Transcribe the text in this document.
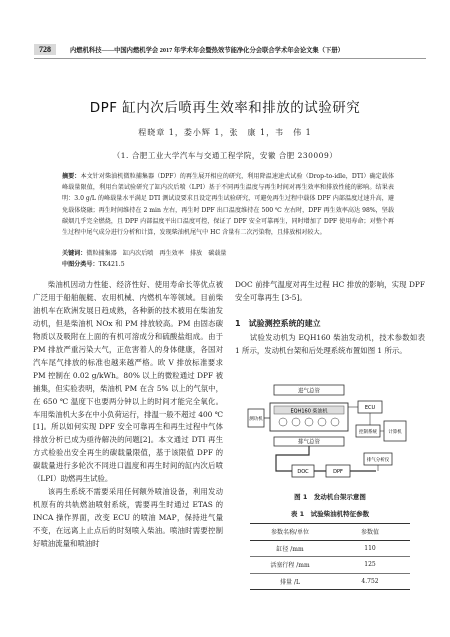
728	内燃机科技——中国内燃机学会 2017 年学术年会暨热效节能净化分会联合学术年会论文集（下册）
DPF 缸内次后喷再生效率和排放的试验研究
程晓章 1，娄小辉 1，张　康 1，韦　伟 1
（1. 合肥工业大学汽车与交通工程学院，安徽 合肥 230009）
摘要：本文针对柴油机微粒捕集器（DPF）的再生展开相应的研究，利用降温速速式试验（Drop-to-idle，DTI）确定载体峰载量限值，利用台架试验研究了缸内次后喷（LPI）基于不同再生温度与再生时间对再生效率和排放性能的影响。结果表明：3.0 g/L 的峰载量水平满足 DTI 测试设要求且设定再生试验研究，可避免再生过程中载体 DPF 内部温度过速升高，避免载体烧融；再生时间维持在 2 min 左右，再生时 DPF 出口温度维持在 500 ℃ 左右时，DPF 再生效率高达 98%，坚载碳烟几乎完全燃烧，且 DPF 内部温度平出口温度可控，保证了 DPF 安全可靠再生，同时增加了 DPF 使用寿命；对整个再生过程中尾气成分进行分析和计算，发现柴油机尾气中 HC 含量有二次污染物，且排放相对较大。
关键词：微粒捕集器　缸内次后喷　再生效率　排放　碳载量
中图分类号：TK421.5

柴油机因动力性能、经济性好、使用寿命长等优点被广泛用于船舶舰艇、农用机械、内燃机车等领域。目前柴油机车在欧洲发展日趋成熟，各种新的技术被用在柴油发动机，但是柴油机 NOx 和 PM 排放较高。PM 由固态碳物质以及吸附在上面的有机可溶成分和硫酸盐组成。由于 PM 排放严重污染大气，正危害着人的身体健康，各国对汽车尾气排放的标准也越来越严格。欧 V 排放标准要求 PM 控制在 0.02 g/kWh。80% 以上的微粒通过 DPF 被捕集，但实验表明，柴油机 PM 在含 5% 以上的气氛中，在 650 ℃ 温度下也要两分钟以上的时间才能完全氧化。车用柴油机大多在中小负荷运行，排温一般不超过 400 ℃ [1]。所以如何实现 DPF 安全可靠再生和再生过程中气体排放分析已成为亟待解决的问题[2]。本文通过 DTI 再生方式检验出安全再生的碳载量限值，基于该限值 DPF 的碳载量进行多轮次不同进口温度和再生时间的缸内次后喷（LPI）助燃再生试验。

该再生系统不需要采用任何额外喷油设备，利用发动机原有的共轨燃油喷射系统，需要再生时通过 ETAS 的 INCA 操作界面，改变 ECU 的喷油 MAP，保持进气量不变，在远离上止点后的时刻喷入柴油。喷油时需要控制好喷油流量和喷油时

DOC 前排气温度对再生过程 HC 排放的影响，实现 DPF 安全可靠再生 [3-5]。

1　试验测控系统的建立

试验发动机为 EQH160 柴油发动机，技术参数如表 1 所示，发动机台架和后处理系统布置如图 1 所示。

进气总管
EQH160 柴油机
测功机
排气总管
DOC	DPF
ECU
计算机
控制系统
排气分析仪
图 1　发动机台架示意图
表 1　试验柴油机特征参数
参数名称/单位	参数值
缸径 /mm	110
活塞行程 /mm	125
排量 /L	4.752
